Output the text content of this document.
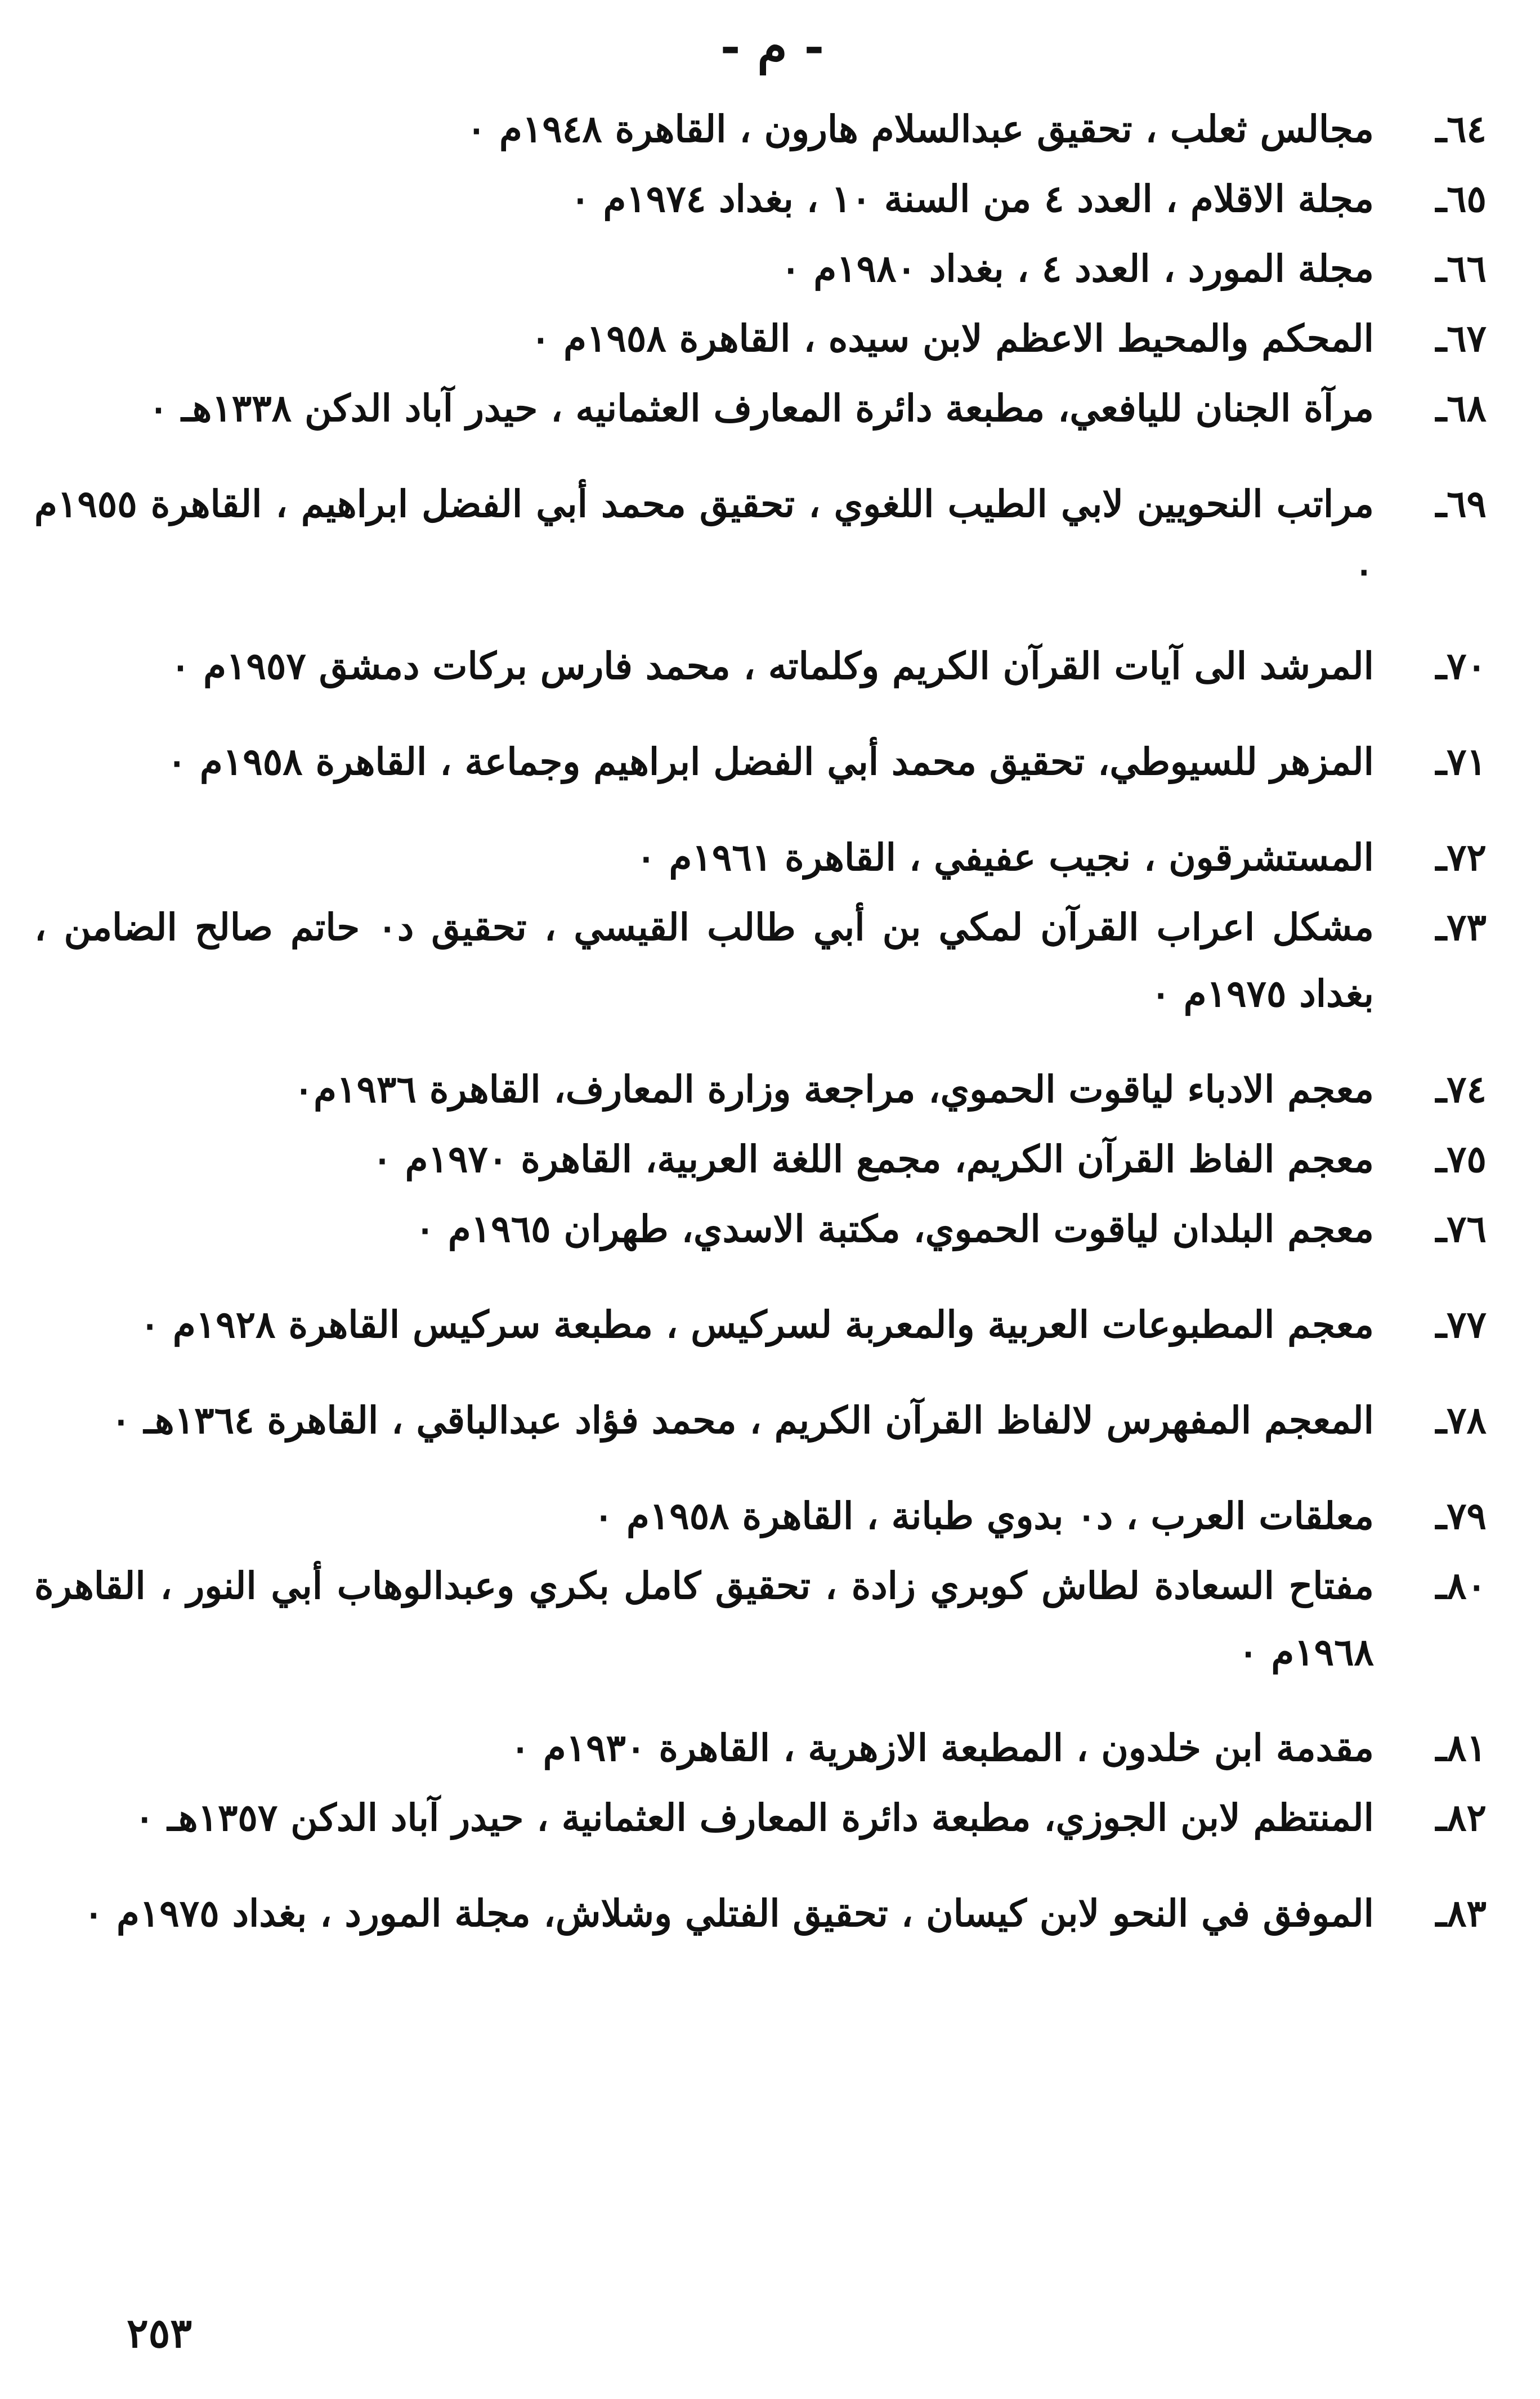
- م -
٦٤ـ
مجالس ثعلب ، تحقيق عبدالسلام هارون ، القاهرة ١٩٤٨م ٠
٦٥ـ
مجلة الاقلام ، العدد ٤ من السنة ١٠ ، بغداد ١٩٧٤م ٠
٦٦ـ
مجلة المورد ، العدد ٤ ، بغداد ١٩٨٠م ٠
٦٧ـ
المحكم والمحيط الاعظم لابن سيده ، القاهرة ١٩٥٨م ٠
٦٨ـ
مرآة الجنان لليافعي، مطبعة دائرة المعارف العثمانيه ، حيدر آباد الدكن ١٣٣٨هـ ٠
٦٩ـ
مراتب النحويين لابي الطيب اللغوي ، تحقيق محمد أبي الفضل ابراهيم ، القاهرة ١٩٥٥م ٠
٧٠ـ
المرشد الى آيات القرآن الكريم وكلماته ، محمد فارس بركات دمشق ١٩٥٧م ٠
٧١ـ
المزهر للسيوطي، تحقيق محمد أبي الفضل ابراهيم وجماعة ، القاهرة ١٩٥٨م ٠
٧٢ـ
المستشرقون ، نجيب عفيفي ، القاهرة ١٩٦١م ٠
٧٣ـ
مشكل اعراب القرآن لمكي بن أبي طالب القيسي ، تحقيق د٠ حاتم صالح الضامن ، بغداد ١٩٧٥م ٠
٧٤ـ
معجم الادباء لياقوت الحموي، مراجعة وزارة المعارف، القاهرة ١٩٣٦م٠
٧٥ـ
معجم الفاظ القرآن الكريم، مجمع اللغة العربية، القاهرة ١٩٧٠م ٠
٧٦ـ
معجم البلدان لياقوت الحموي، مكتبة الاسدي، طهران ١٩٦٥م ٠
٧٧ـ
معجم المطبوعات العربية والمعربة لسركيس ، مطبعة سركيس القاهرة ١٩٢٨م ٠
٧٨ـ
المعجم المفهرس لالفاظ القرآن الكريم ، محمد فؤاد عبدالباقي ، القاهرة ١٣٦٤هـ ٠
٧٩ـ
معلقات العرب ، د٠ بدوي طبانة ، القاهرة ١٩٥٨م ٠
٨٠ـ
مفتاح السعادة لطاش كوبري زادة ، تحقيق كامل بكري وعبدالوهاب أبي النور ، القاهرة ١٩٦٨م ٠
٨١ـ
مقدمة ابن خلدون ، المطبعة الازهرية ، القاهرة ١٩٣٠م ٠
٨٢ـ
المنتظم لابن الجوزي، مطبعة دائرة المعارف العثمانية ، حيدر آباد الدكن ١٣٥٧هـ ٠
٨٣ـ
الموفق في النحو لابن كيسان ، تحقيق الفتلي وشلاش، مجلة المورد ، بغداد ١٩٧٥م ٠
٢٥٣
